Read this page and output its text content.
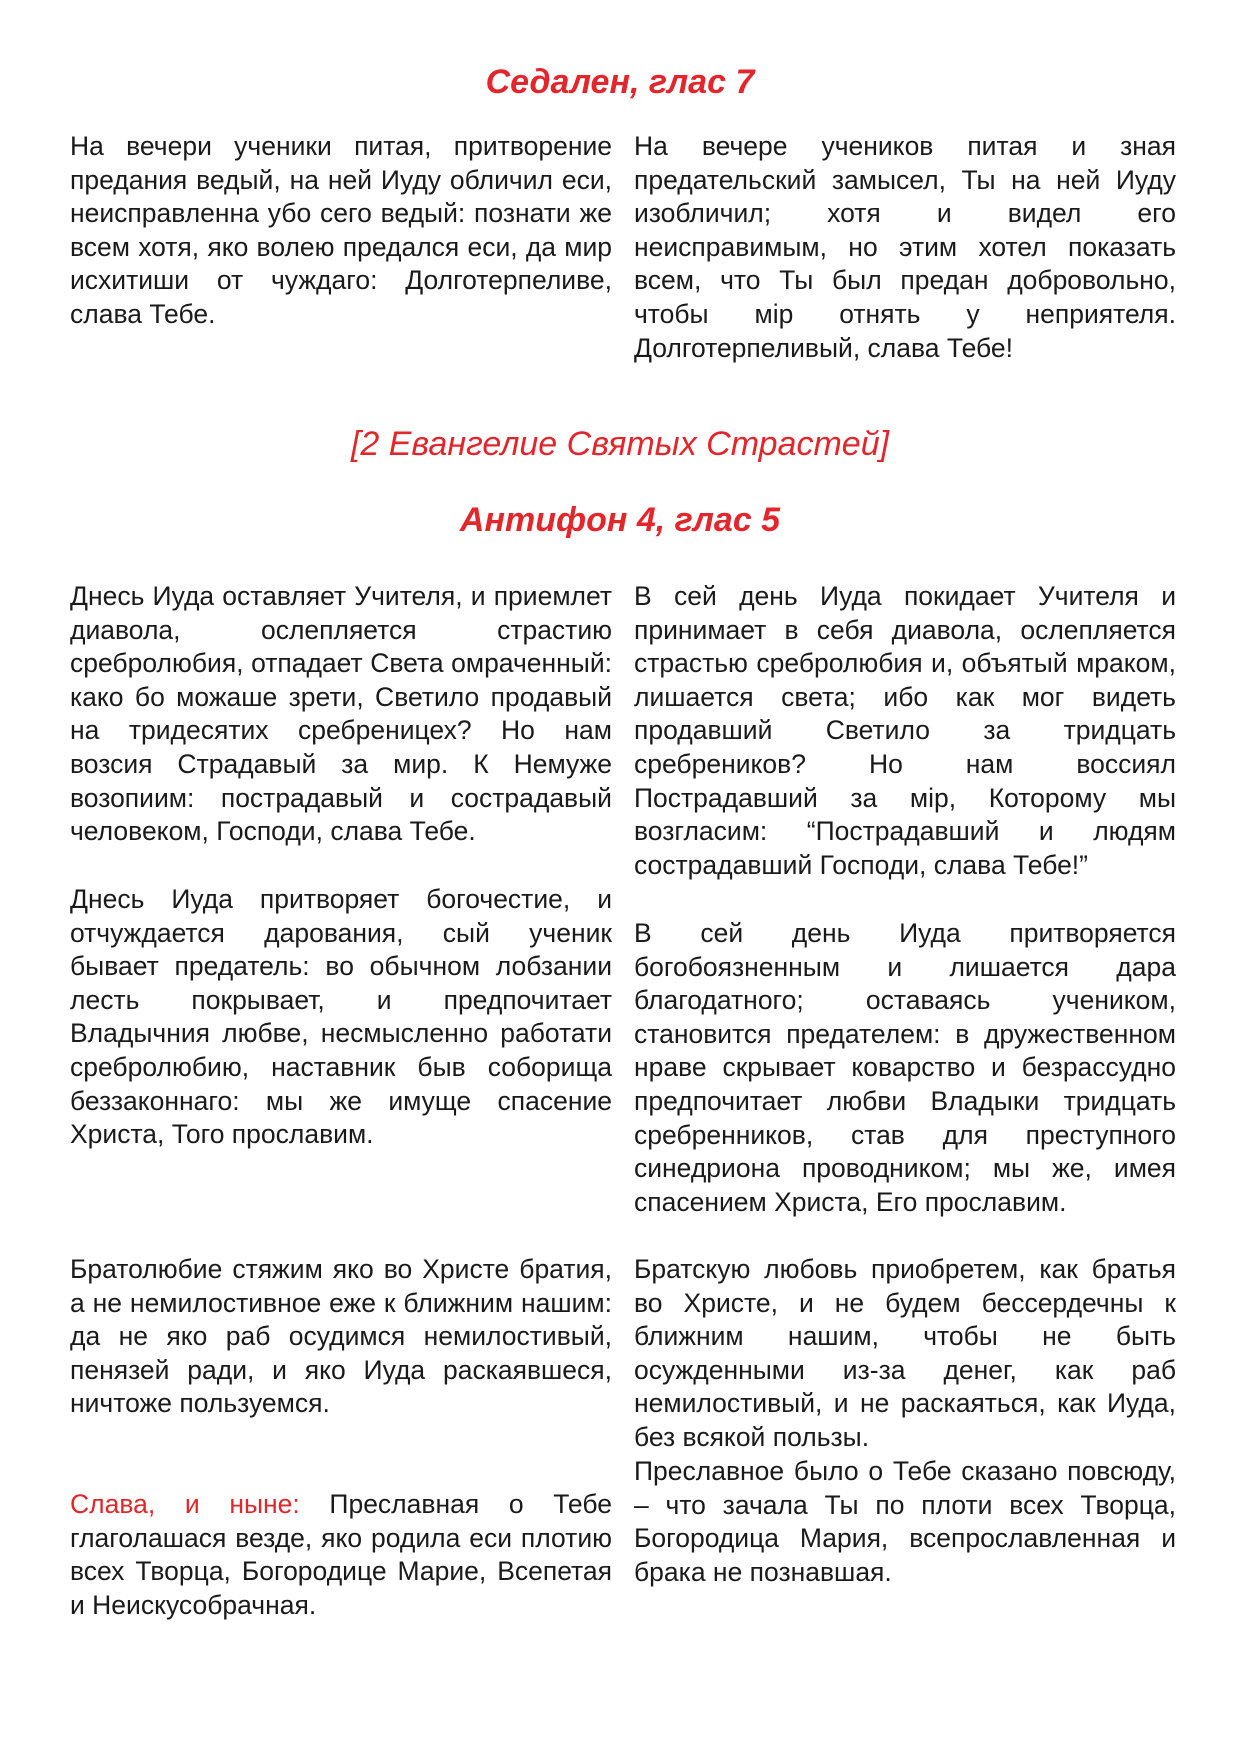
Седален, глас 7

На вечери ученики питая, притворение предания ведый, на ней Иуду обличил еси, неисправленна убо сего ведый: познати же всем хотя, яко волею предался еси, да мир исхитиши от чуждаго: Долготерпеливе, слава Тебе.

На вечере учеников питая и зная предательский замысел, Ты на ней Иуду изобличил; хотя и видел его неисправимым, но этим хотел показать всем, что Ты был предан добровольно, чтобы мiр отнять у неприятеля. Долготерпеливый, слава Тебе!

[2 Евангелие Святых Страстей]
Антифон 4, глас 5

Днесь Иуда оставляет Учителя, и приемлет диавола, ослепляется страстию сребролюбия, отпадает Света омраченный: како бо можаше зрети, Светило продавый на тридесятих сребреницех? Но нам возсия Страдавый за мир. К Немуже возопиим: пострадавый и сострадавый человеком, Господи, слава Тебе.

В сей день Иуда покидает Учителя и принимает в себя диавола, ослепляется страстью сребролюбия и, объятый мраком, лишается света; ибо как мог видеть продавший Светило за тридцать сребреников? Но нам воссиял Пострадавший за мiр, Которому мы возгласим: “Пострадавший и людям сострадавший Господи, слава Тебе!”

Днесь Иуда притворяет богочестие, и отчуждается дарования, сый ученик бывает предатель: во обычном лобзании лесть покрывает, и предпочитает Владычния любве, несмысленно работати сребролюбию, наставник быв соборища беззаконнаго: мы же имуще спасение Христа, Того прославим.

В сей день Иуда притворяется богобоязненным и лишается дара благодатного; оставаясь учеником, становится предателем: в дружественном нраве скрывает коварство и безрассудно предпочитает любви Владыки тридцать сребренников, став для преступного синедриона проводником; мы же, имея спасением Христа, Его прославим.

Братолюбие стяжим яко во Христе братия, а не немилостивное еже к ближним нашим: да не яко раб осудимся немилостивый, пенязей ради, и яко Иуда раскаявшеся, ничтоже пользуемся.

Братскую любовь приобретем, как братья во Христе, и не будем бессердечны к ближним нашим, чтобы не быть осужденными из-за денег, как раб немилостивый, и не раскаяться, как Иуда, без всякой пользы.

Слава, и ныне: Преславная о Тебе глаголашася везде, яко родила еси плотию всех Творца, Богородице Марие, Всепетая и Неискусобрачная.

Преславное было о Тебе сказано повсюду, – что зачала Ты по плоти всех Творца, Богородица Мария, всепрославленная и брака не познавшая.
